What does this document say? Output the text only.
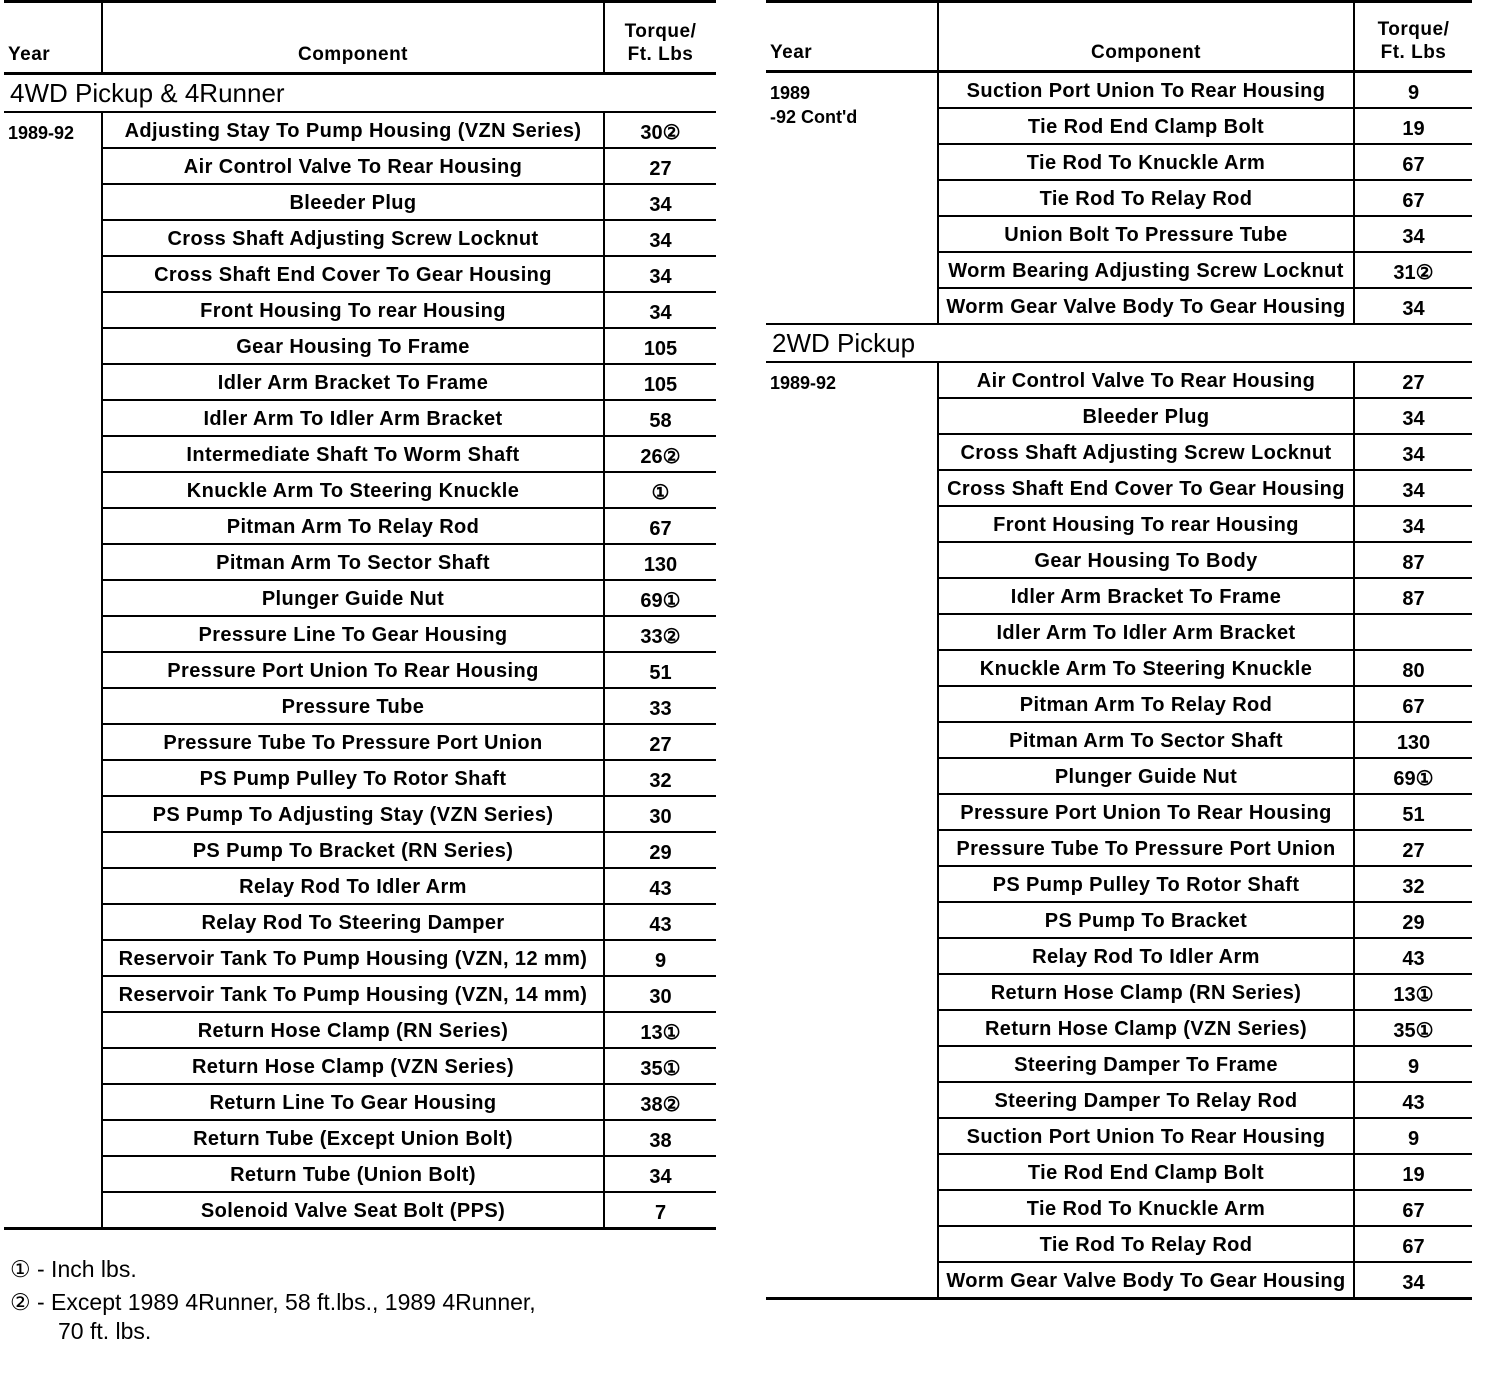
Year	Component	Torque/
Ft. Lbs
4WD Pickup & 4Runner		
1989-92	Adjusting Stay To Pump Housing (VZN Series)	30②
	Air Control Valve To Rear Housing	27
	Bleeder Plug	34
	Cross Shaft Adjusting Screw Locknut	34
	Cross Shaft End Cover To Gear Housing	34
	Front Housing To rear Housing	34
	Gear Housing To Frame	105
	Idler Arm Bracket To Frame	105
	Idler Arm To Idler Arm Bracket	58
	Intermediate Shaft To Worm Shaft	26②
	Knuckle Arm To Steering Knuckle	①
	Pitman Arm To Relay Rod	67
	Pitman Arm To Sector Shaft	130
	Plunger Guide Nut	69①
	Pressure Line To Gear Housing	33②
	Pressure Port Union To Rear Housing	51
	Pressure Tube	33
	Pressure Tube To Pressure Port Union	27
	PS Pump Pulley To Rotor Shaft	32
	PS Pump To Adjusting Stay (VZN Series)	30
	PS Pump To Bracket (RN Series)	29
	Relay Rod To Idler Arm	43
	Relay Rod To Steering Damper	43
	Reservoir Tank To Pump Housing (VZN, 12 mm)	9
	Reservoir Tank To Pump Housing (VZN, 14 mm)	30
	Return Hose Clamp (RN Series)	13①
	Return Hose Clamp (VZN Series)	35①
	Return Line To Gear Housing	38②
	Return Tube (Except Union Bolt)	38
	Return Tube (Union Bolt)	34
	Solenoid Valve Seat Bolt (PPS)	7
① - Inch lbs.
② - Except 1989 4Runner, 58 ft.lbs., 1989 4Runner,
70 ft. lbs.
Year	Component	Torque/
Ft. Lbs
1989
-92 Cont'd	Suction Port Union To Rear Housing	9
	Tie Rod End Clamp Bolt	19
	Tie Rod To Knuckle Arm	67
	Tie Rod To Relay Rod	67
	Union Bolt To Pressure Tube	34
	Worm Bearing Adjusting Screw Locknut	31②
	Worm Gear Valve Body To Gear Housing	34
2WD Pickup		
1989-92	Air Control Valve To Rear Housing	27
	Bleeder Plug	34
	Cross Shaft Adjusting Screw Locknut	34
	Cross Shaft End Cover To Gear Housing	34
	Front Housing To rear Housing	34
	Gear Housing To Body	87
	Idler Arm Bracket To Frame	87
	Idler Arm To Idler Arm Bracket	
	Knuckle Arm To Steering Knuckle	80
	Pitman Arm To Relay Rod	67
	Pitman Arm To Sector Shaft	130
	Plunger Guide Nut	69①
	Pressure Port Union To Rear Housing	51
	Pressure Tube To Pressure Port Union	27
	PS Pump Pulley To Rotor Shaft	32
	PS Pump To Bracket	29
	Relay Rod To Idler Arm	43
	Return Hose Clamp (RN Series)	13①
	Return Hose Clamp (VZN Series)	35①
	Steering Damper To Frame	9
	Steering Damper To Relay Rod	43
	Suction Port Union To Rear Housing	9
	Tie Rod End Clamp Bolt	19
	Tie Rod To Knuckle Arm	67
	Tie Rod To Relay Rod	67
	Worm Gear Valve Body To Gear Housing	34
